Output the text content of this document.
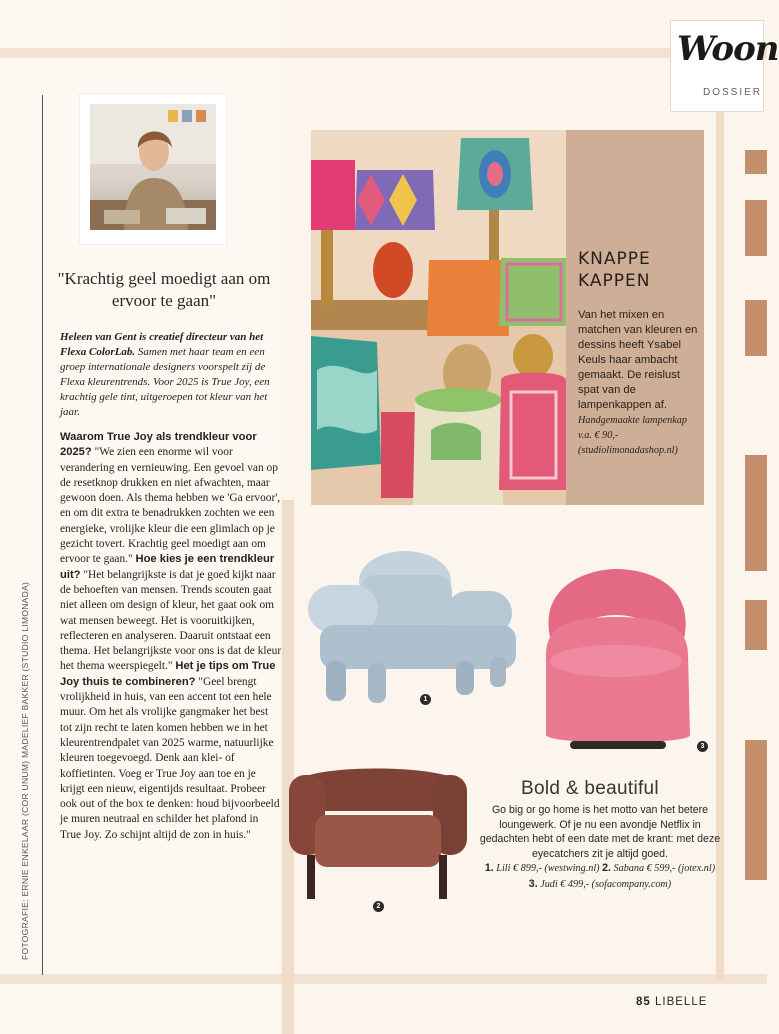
FOTOGRAFIE: ERNIE ENKELAAR (COR UNUM) MADELIEF BAKKER (STUDIO LIMONADA)
"Krachtig geel moedigt aan om ervoor te gaan"
Heleen van Gent is creatief directeur van het Flexa ColorLab. Samen met haar team en een groep internationale designers voorspelt zij de Flexa kleurentrends. Voor 2025 is True Joy, een krachtig gele tint, uitgeroepen tot kleur van het jaar.
Waarom True Joy als trendkleur voor 2025? "We zien een enorme wil voor verandering en vernieuwing. Een gevoel van op de resetknop drukken en niet afwachten, maar gewoon doen. Als thema hebben we 'Ga ervoor', en om dit extra te benadrukken zochten we een energieke, vrolijke kleur die een glimlach op je gezicht tovert. Krachtig geel moedigt aan om ervoor te gaan." Hoe kies je een trendkleur uit? "Het belangrijkste is dat je goed kijkt naar de behoeften van mensen. Trends scouten gaat niet alleen om design of kleur, het gaat ook om wat mensen beweegt. Het is vooruitkijken, reflecteren en analyseren. Daaruit ontstaat een thema. Het belangrijkste voor ons is dat de kleur het thema weerspiegelt." Het je tips om True Joy thuis te combineren? "Geel brengt vrolijkheid in huis, van een accent tot een hele muur. Om het als vrolijke gangmaker het best tot zijn recht te laten komen hebben we in het kleurentrendpalet van 2025 warme, natuurlijke kleuren toegevoegd. Denk aan klei- of koffietinten. Voeg er True Joy aan toe en je krijgt een nieuw, eigentijds resultaat. Probeer ook out of the box te denken: houd bijvoorbeeld je muren neutraal en schilder het plafond in True Joy. Zo schijnt altijd de zon in huis."
Woon
DOSSIER
KNAPPE
KAPPEN
Van het mixen en matchen van kleuren en dessins heeft Ysabel Keuls haar ambacht gemaakt. De reislust spat van de lampenkappen af. Handgemaakte lampenkap v.a. € 90,- (studiolimonadashop.nl)
1
3
2
Bold & beautiful
Go big or go home is het motto van het betere loungewerk. Of je nu een avondje Netflix in gedachten hebt of een date met de krant: met deze eyecatchers zit je altijd goed.
1. Lili € 899,- (westwing.nl) 2. Sabana € 599,- (jotex.nl)
3. Judi € 499,- (sofacompany.com)
85 LIBELLE
